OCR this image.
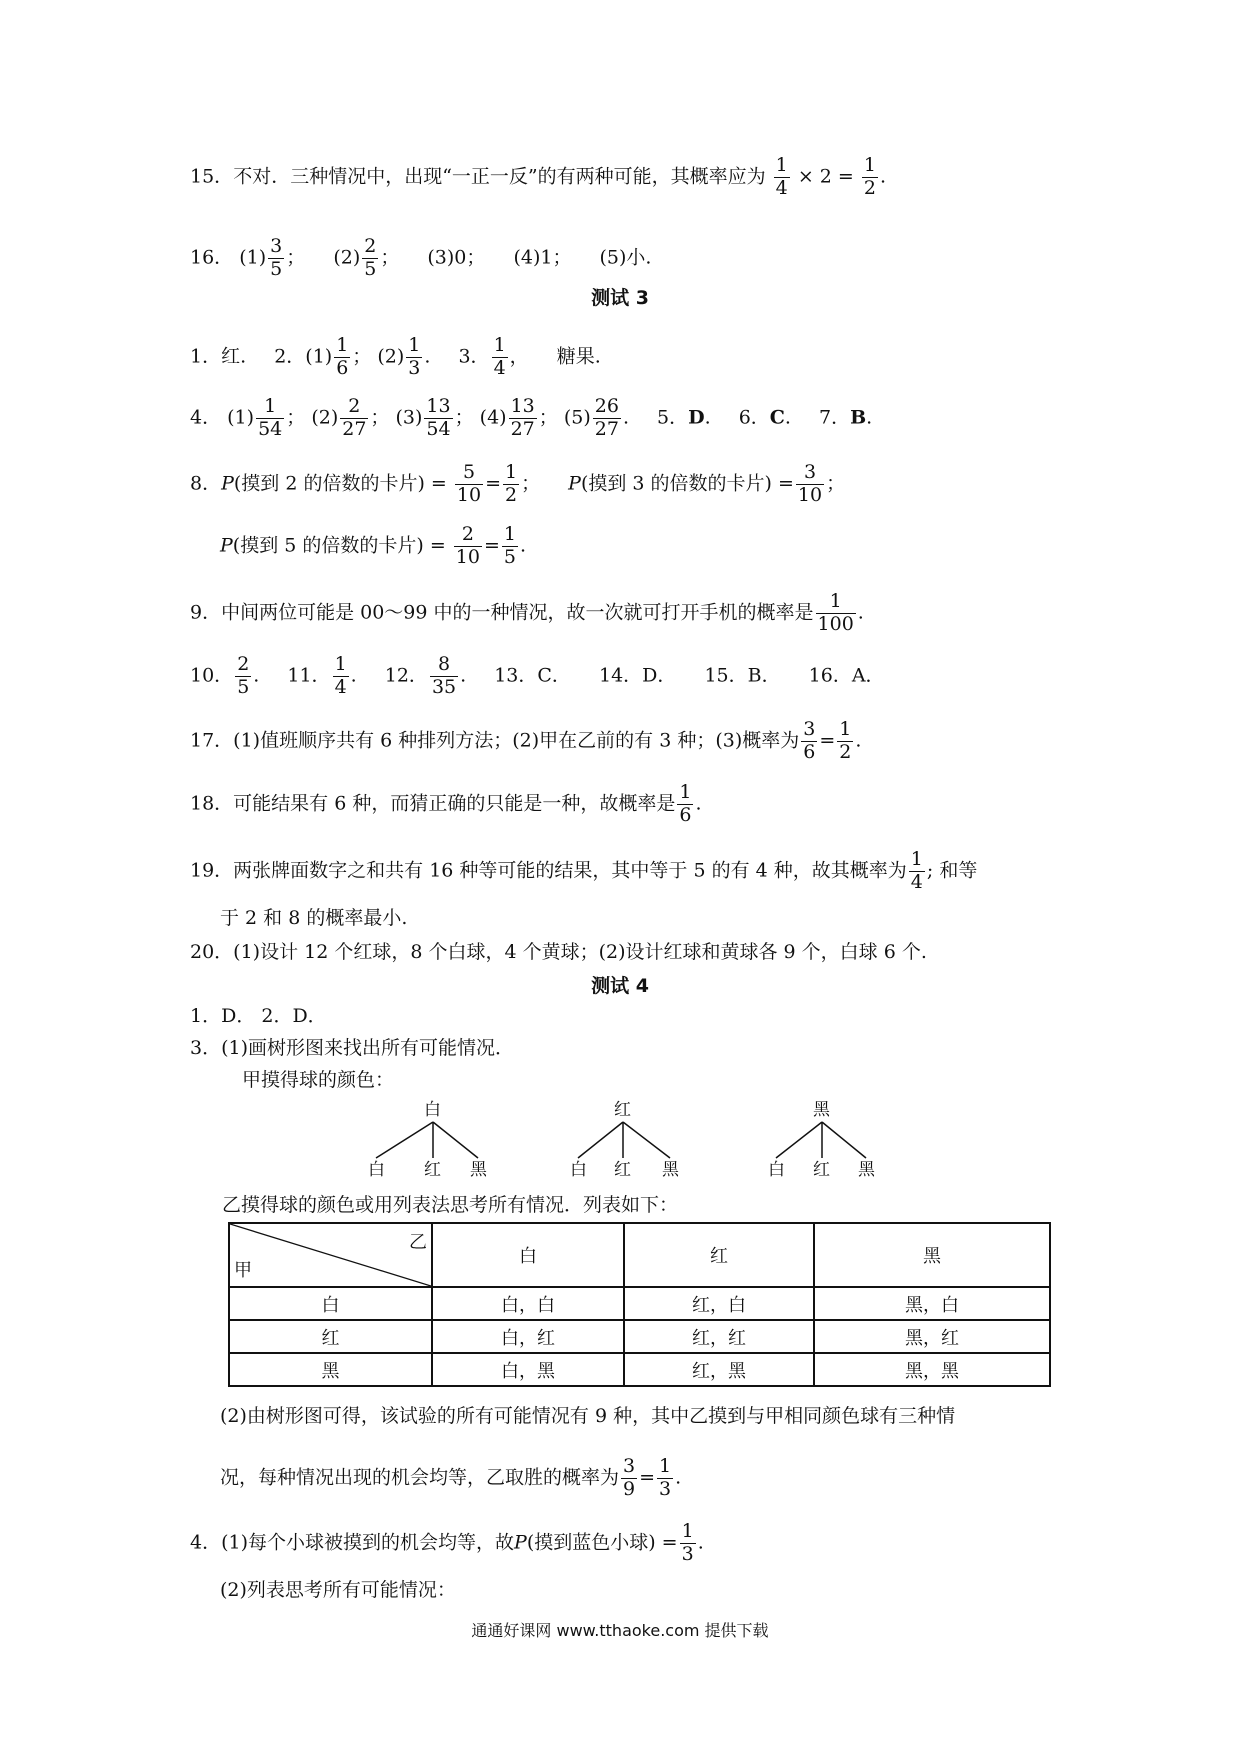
15．不对．三种情况中，出现“一正一反”的有两种可能，其概率应为 $\frac{1}{4} \times 2 = \frac{1}{2}$ .
16． $(1) \frac{3}{5}$ ； $(2) \frac{2}{5}$ ； (3)0； (4)1； (5)小.
测试 3
1．红. 2．$(1) \frac{1}{6}$ ； $(2) \frac{1}{3}$ . 3． $\frac{1}{4}$ ， 糖果.
4． $(1) \frac{1}{54}$ ； $(2) \frac{2}{27}$ ； $(3) \frac{13}{54}$ ； $(4) \frac{13}{27}$ ； $(5) \frac{26}{27}$ . 5．D. 6．C. 7．B.
8．P(摸到 2 的倍数的卡片) = $\frac{5}{10} = \frac{1}{2}$ ； P(摸到 3 的倍数的卡片) = $\frac{3}{10}$ ；
P(摸到 5 的倍数的卡片) = $\frac{2}{10} = \frac{1}{5}$ .
9．中间两位可能是 00～99 中的一种情况，故一次就可打开手机的概率是 $\frac{1}{100}$ .
10． $\frac{2}{5}$ . 11． $\frac{1}{4}$ . 12． $\frac{8}{35}$ . 13．C． 14．D． 15．B． 16．A．
17．(1)值班顺序共有 6 种排列方法；(2)甲在乙前的有 3 种；(3)概率为 $\frac{3}{6} = \frac{1}{2}$ .
18．可能结果有 6 种，而猜正确的只能是一种，故概率是 $\frac{1}{6}$ .
19．两张牌面数字之和共有 16 种等可能的结果，其中等于 5 的有 4 种，故其概率为 $\frac{1}{4}$ ; 和等
于 2 和 8 的概率最小.
20．(1)设计 12 个红球，8 个白球，4 个黄球；(2)设计红球和黄球各 9 个，白球 6 个.
测试 4
1．D． 2．D．
3．(1)画树形图来找出所有可能情况．
甲摸得球的颜色：
白
白 红 黑
红
白 红 黑
黑
白 红 黑
乙摸得球的颜色或用列表法思考所有情况．列表如下：
乙
甲	白	红	黑
白	白，白	红，白	黑，白
红	白，红	红，红	黑，红
黑	白，黑	红，黑	黑，黑
(2)由树形图可得，该试验的所有可能情况有 9 种，其中乙摸到与甲相同颜色球有三种情
况，每种情况出现的机会均等，乙取胜的概率为 $\frac{3}{9} = \frac{1}{3}$ .
4．(1)每个小球被摸到的机会均等，故P(摸到蓝色小球) = $\frac{1}{3}$ .
(2)列表思考所有可能情况：
通通好课网 www.tthaoke.com 提供下载
